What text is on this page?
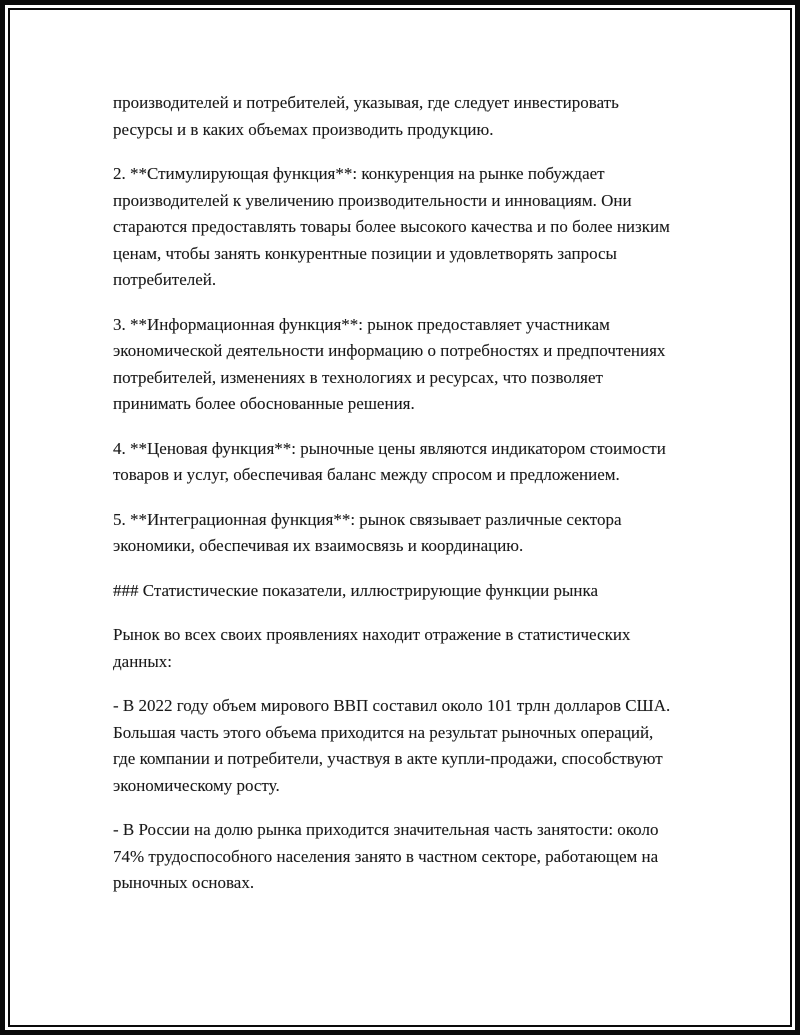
производителей и потребителей, указывая, где следует инвестировать ресурсы и в каких объемах производить продукцию.

2. **Стимулирующая функция**: конкуренция на рынке побуждает производителей к увеличению производительности и инновациям. Они стараются предоставлять товары более высокого качества и по более низким ценам, чтобы занять конкурентные позиции и удовлетворять запросы потребителей.

3. **Информационная функция**: рынок предоставляет участникам экономической деятельности информацию о потребностях и предпочтениях потребителей, изменениях в технологиях и ресурсах, что позволяет принимать более обоснованные решения.

4. **Ценовая функция**: рыночные цены являются индикатором стоимости товаров и услуг, обеспечивая баланс между спросом и предложением.

5. **Интеграционная функция**: рынок связывает различные сектора экономики, обеспечивая их взаимосвязь и координацию.

### Статистические показатели, иллюстрирующие функции рынка

Рынок во всех своих проявлениях находит отражение в статистических данных:

- В 2022 году объем мирового ВВП составил около 101 трлн долларов США. Большая часть этого объема приходится на результат рыночных операций, где компании и потребители, участвуя в акте купли-продажи, способствуют экономическому росту.

- В России на долю рынка приходится значительная часть занятости: около 74% трудоспособного населения занято в частном секторе, работающем на рыночных основах.
